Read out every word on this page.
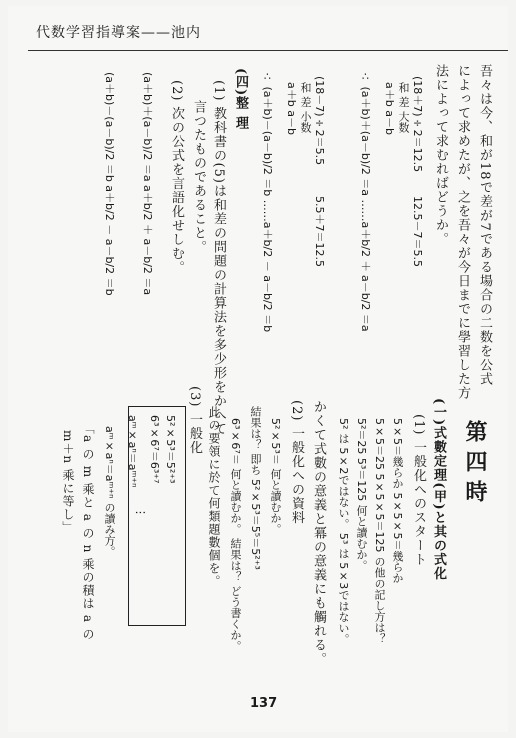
代数学習指導案——池内
吾々は今、和が18で差が7である場合の二数を公式
によって求めたが、之を吾々が今日までに學習した方
法によって求むればどうか。
(18＋7)÷2＝12.5
和 差 大数
a＋b a－b
12.5－7＝5.5
∴ (a＋b)＋(a－b)/2 ＝a ……a＋b/2 ＋ a－b/2 ＝a
(18－7)÷2＝5.5
和 差 小数
a＋b a－b
5.5＋7＝12.5
∴ (a＋b)－(a－b)/2 ＝b ……a＋b/2 － a－b/2 ＝b
(四)整 理
(1) 教科書の(5)は和差の問題の計算法を多少形をかへて
言つたものであること。
(2) 次の公式を言語化せしむ。
(a＋b)＋(a－b)/2 ＝a a＋b/2 ＋ a－b/2 ＝a
(a＋b)－(a－b)/2 ＝b a＋b/2 － a－b/2 ＝b
第四時
(一)式數定理(甲)と其の式化
(1) 一般化へのスタート
5×5＝幾らか 5×5×5＝幾らか
5×5＝25 5×5×5＝125 の他の記し方は？
5²＝25 5³＝125 何と讀むか。
5² は 5×2ではない。 5³ は 5×3ではない。
かくて式數の意義と冪の意義にも觸れる。
(2) 一般化への資料
5²×5³＝ 何と讀むか。
結果は？ 即ち 5²×5³＝5⁵＝5²⁺³
6³×6⁷＝ 何と讀むか。 結果は？ どう書くか。
此の要領に於て何類題數個を。
(3) 一般化
5²×5³＝5²⁺³
6³×6⁷＝6³⁺⁷
⋮
aᵐ×aⁿ＝aᵐ⁺ⁿ
aᵐ×aⁿ＝aᵐ⁺ⁿ の讀み方。
「a の m 乘と a の n 乘の積は a の
m＋n 乘に等し」
137
